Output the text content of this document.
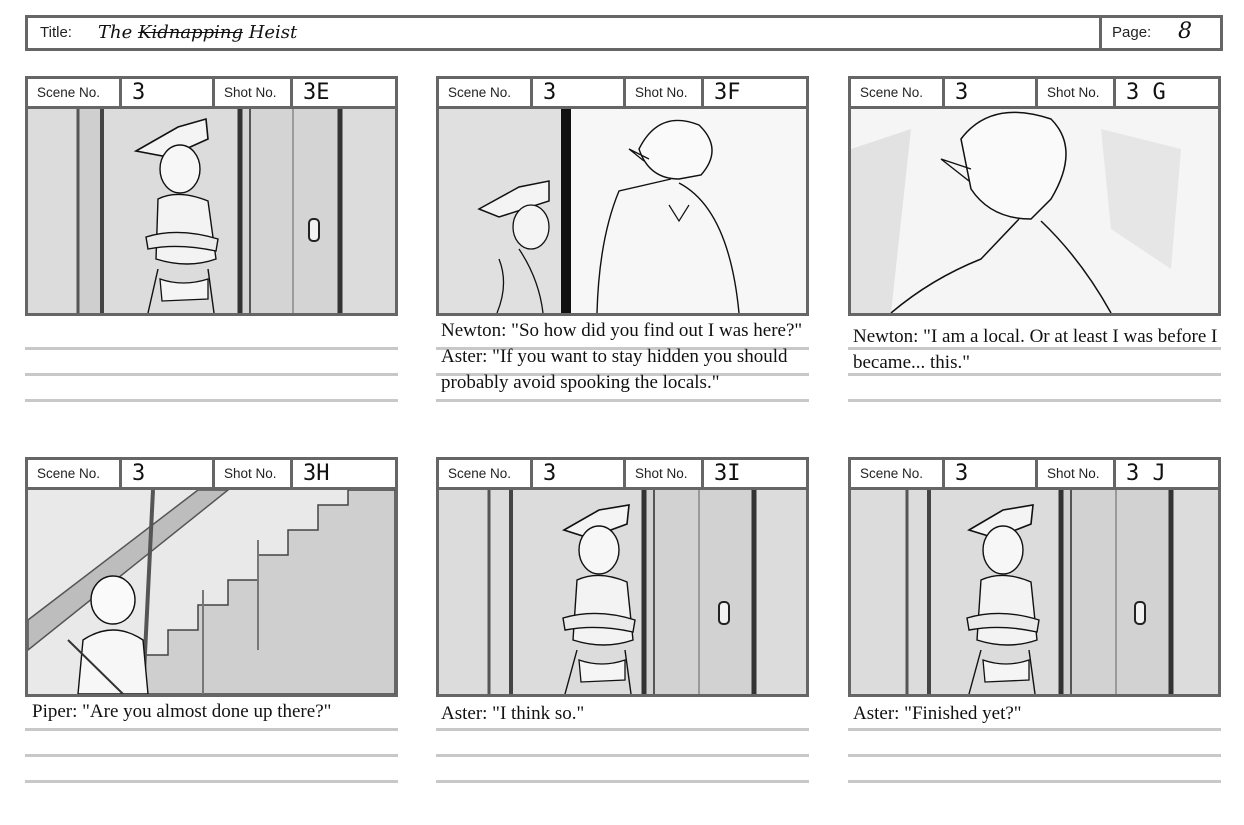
Title: The Kidnapping Heist	Page: 8
Scene No.	3	Shot No.	3E	Scene No.	3	Shot No.	3F

Newton: "So how did you find out I was here?"

Aster: "If you want to stay hidden you should probably avoid spooking the locals."

Scene No.	3	Shot No.	3 G

Newton: "I am a local. Or at least I was before I became... this."

Scene No.	3	Shot No.	3H

Piper: "Are you almost done up there?"

Scene No.	3	Shot No.	3I

Aster: "I think so."

Scene No.	3	Shot No.	3 J

Aster: "Finished yet?"
